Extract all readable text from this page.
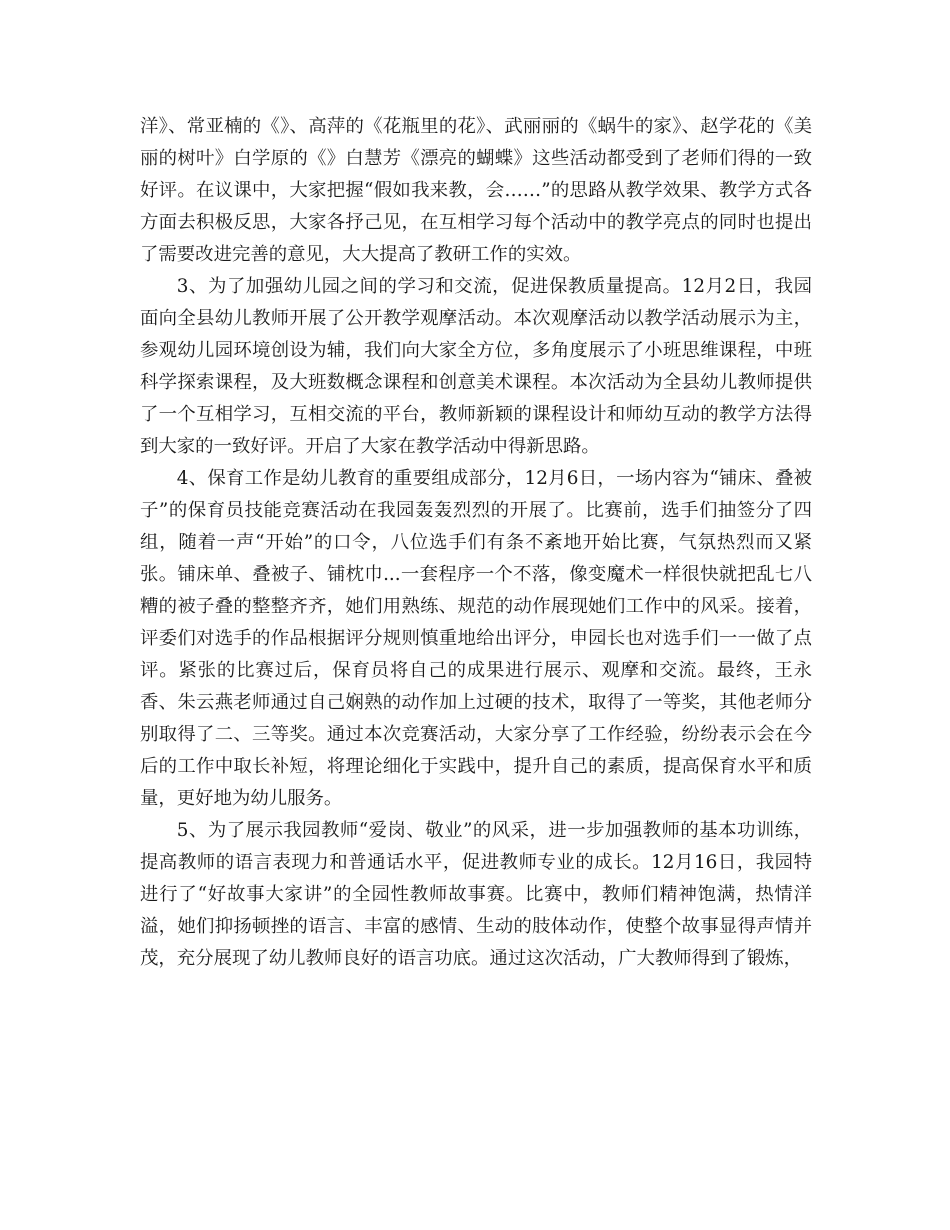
洋》、常亚楠的《》、高萍的《花瓶里的花》、武丽丽的《蜗牛的家》、赵学花的《美丽的树叶》白学原的《》白慧芳《漂亮的蝴蝶》这些活动都受到了老师们得的一致好评。在议课中，大家把握“假如我来教，会……”的思路从教学效果、教学方式各方面去积极反思，大家各抒己见，在互相学习每个活动中的教学亮点的同时也提出了需要改进完善的意见，大大提高了教研工作的实效。

3、为了加强幼儿园之间的学习和交流，促进保教质量提高。12月2日，我园面向全县幼儿教师开展了公开教学观摩活动。本次观摩活动以教学活动展示为主，参观幼儿园环境创设为辅，我们向大家全方位，多角度展示了小班思维课程，中班科学探索课程，及大班数概念课程和创意美术课程。本次活动为全县幼儿教师提供了一个互相学习，互相交流的平台，教师新颖的课程设计和师幼互动的教学方法得到大家的一致好评。开启了大家在教学活动中得新思路。

4、保育工作是幼儿教育的重要组成部分，12月6日，一场内容为“铺床、叠被子”的保育员技能竞赛活动在我园轰轰烈烈的开展了。比赛前，选手们抽签分了四组，随着一声“开始”的口令，八位选手们有条不紊地开始比赛，气氛热烈而又紧张。铺床单、叠被子、铺枕巾...一套程序一个不落，像变魔术一样很快就把乱七八糟的被子叠的整整齐齐，她们用熟练、规范的动作展现她们工作中的风采。接着，评委们对选手的作品根据评分规则慎重地给出评分，申园长也对选手们一一做了点评。紧张的比赛过后，保育员将自己的成果进行展示、观摩和交流。最终，王永香、朱云燕老师通过自己娴熟的动作加上过硬的技术，取得了一等奖，其他老师分别取得了二、三等奖。通过本次竞赛活动，大家分享了工作经验，纷纷表示会在今后的工作中取长补短，将理论细化于实践中，提升自己的素质，提高保育水平和质量，更好地为幼儿服务。

5、为了展示我园教师“爱岗、敬业”的风采，进一步加强教师的基本功训练，提高教师的语言表现力和普通话水平，促进教师专业的成长。12月16日，我园特进行了“好故事大家讲”的全园性教师故事赛。比赛中，教师们精神饱满，热情洋溢，她们抑扬顿挫的语言、丰富的感情、生动的肢体动作，使整个故事显得声情并茂，充分展现了幼儿教师良好的语言功底。通过这次活动，广大教师得到了锻炼，
